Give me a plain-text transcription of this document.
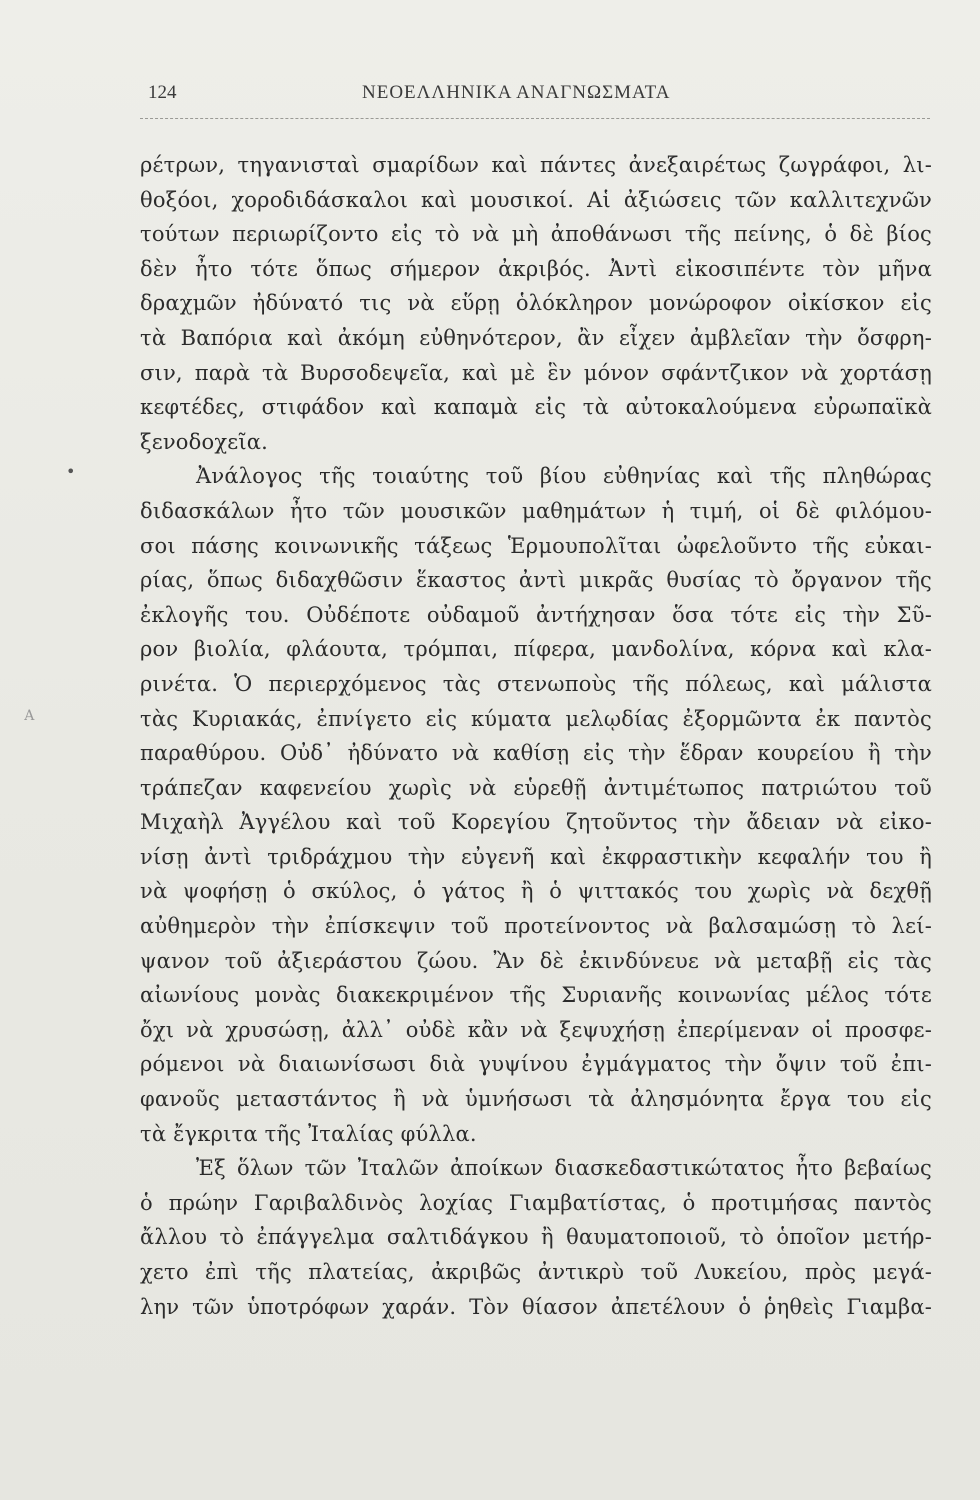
124	ΝΕΟΕΛΛΗΝΙΚΑ ΑΝΑΓΝΩΣΜΑΤΑ
•
А
ρέτρων, τηγανισταὶ σμαρίδων καὶ πάντες ἀνεξαιρέτως ζωγράφοι, λι-
θοξόοι, χοροδιδάσκαλοι καὶ μουσικοί. Αἱ ἀξιώσεις τῶν καλλιτεχνῶν
τούτων περιωρίζοντο εἰς τὸ νὰ μὴ ἀποθάνωσι τῆς πείνης, ὁ δὲ βίος
δὲν ἦτο τότε ὅπως σήμερον ἀκριβός. Ἀντὶ εἰκοσιπέντε τὸν μῆνα
δραχμῶν ἠδύνατό τις νὰ εὕρῃ ὁλόκληρον μονώροφον οἰκίσκον εἰς
τὰ Βαπόρια καὶ ἀκόμη εὐθηνότερον, ἂν εἶχεν ἀμβλεῖαν τὴν ὄσφρη-
σιν, παρὰ τὰ Βυρσοδεψεῖα, καὶ μὲ ἓν μόνον σφάντζικον νὰ χορτάσῃ
κεφτέδες, στιφάδον καὶ καπαμὰ εἰς τὰ αὐτοκαλούμενα εὐρωπαϊκὰ
ξενοδοχεῖα.
Ἀνάλογος τῆς τοιαύτης τοῦ βίου εὐθηνίας καὶ τῆς πληθώρας
διδασκάλων ἦτο τῶν μουσικῶν μαθημάτων ἡ τιμή, οἱ δὲ φιλόμου-
σοι πάσης κοινωνικῆς τάξεως Ἑρμουπολῖται ὠφελοῦντο τῆς εὐκαι-
ρίας, ὅπως διδαχθῶσιν ἕκαστος ἀντὶ μικρᾶς θυσίας τὸ ὄργανον τῆς
ἐκλογῆς του. Οὐδέποτε οὐδαμοῦ ἀντήχησαν ὅσα τότε εἰς τὴν Σῦ-
ρον βιολία, φλάουτα, τρόμπαι, πίφερα, μανδολίνα, κόρνα καὶ κλα-
ρινέτα. Ὁ περιερχόμενος τὰς στενωποὺς τῆς πόλεως, καὶ μάλιστα
τὰς Κυριακάς, ἐπνίγετο εἰς κύματα μελῳδίας ἐξορμῶντα ἐκ παντὸς
παραθύρου. Οὐδ᾽ ἠδύνατο νὰ καθίσῃ εἰς τὴν ἕδραν κουρείου ἢ τὴν
τράπεζαν καφενείου χωρὶς νὰ εὑρεθῇ ἀντιμέτωπος πατριώτου τοῦ
Μιχαὴλ Ἀγγέλου καὶ τοῦ Κορεγίου ζητοῦντος τὴν ἄδειαν νὰ εἰκο-
νίσῃ ἀντὶ τριδράχμου τὴν εὐγενῆ καὶ ἐκφραστικὴν κεφαλήν του ἢ
νὰ ψοφήσῃ ὁ σκύλος, ὁ γάτος ἢ ὁ ψιττακός του χωρὶς νὰ δεχθῇ
αὐθημερὸν τὴν ἐπίσκεψιν τοῦ προτείνοντος νὰ βαλσαμώσῃ τὸ λεί-
ψανον τοῦ ἀξιεράστου ζώου. Ἂν δὲ ἐκινδύνευε νὰ μεταβῇ εἰς τὰς
αἰωνίους μονὰς διακεκριμένον τῆς Συριανῆς κοινωνίας μέλος τότε
ὄχι νὰ χρυσώσῃ, ἀλλ᾽ οὐδὲ κἂν νὰ ξεψυχήσῃ ἐπερίμεναν οἱ προσφε-
ρόμενοι νὰ διαιωνίσωσι διὰ γυψίνου ἐγμάγματος τὴν ὄψιν τοῦ ἐπι-
φανοῦς μεταστάντος ἢ νὰ ὑμνήσωσι τὰ ἀλησμόνητα ἔργα του εἰς
τὰ ἔγκριτα τῆς Ἰταλίας φύλλα.
Ἐξ ὅλων τῶν Ἰταλῶν ἀποίκων διασκεδαστικώτατος ἦτο βεβαίως
ὁ πρώην Γαριβαλδινὸς λοχίας Γιαμβατίστας, ὁ προτιμήσας παντὸς
ἄλλου τὸ ἐπάγγελμα σαλτιδάγκου ἢ θαυματοποιοῦ, τὸ ὁποῖον μετήρ-
χετο ἐπὶ τῆς πλατείας, ἀκριβῶς ἀντικρὺ τοῦ Λυκείου, πρὸς μεγά-
λην τῶν ὑποτρόφων χαράν. Τὸν θίασον ἀπετέλουν ὁ ῥηθεὶς Γιαμβα-
